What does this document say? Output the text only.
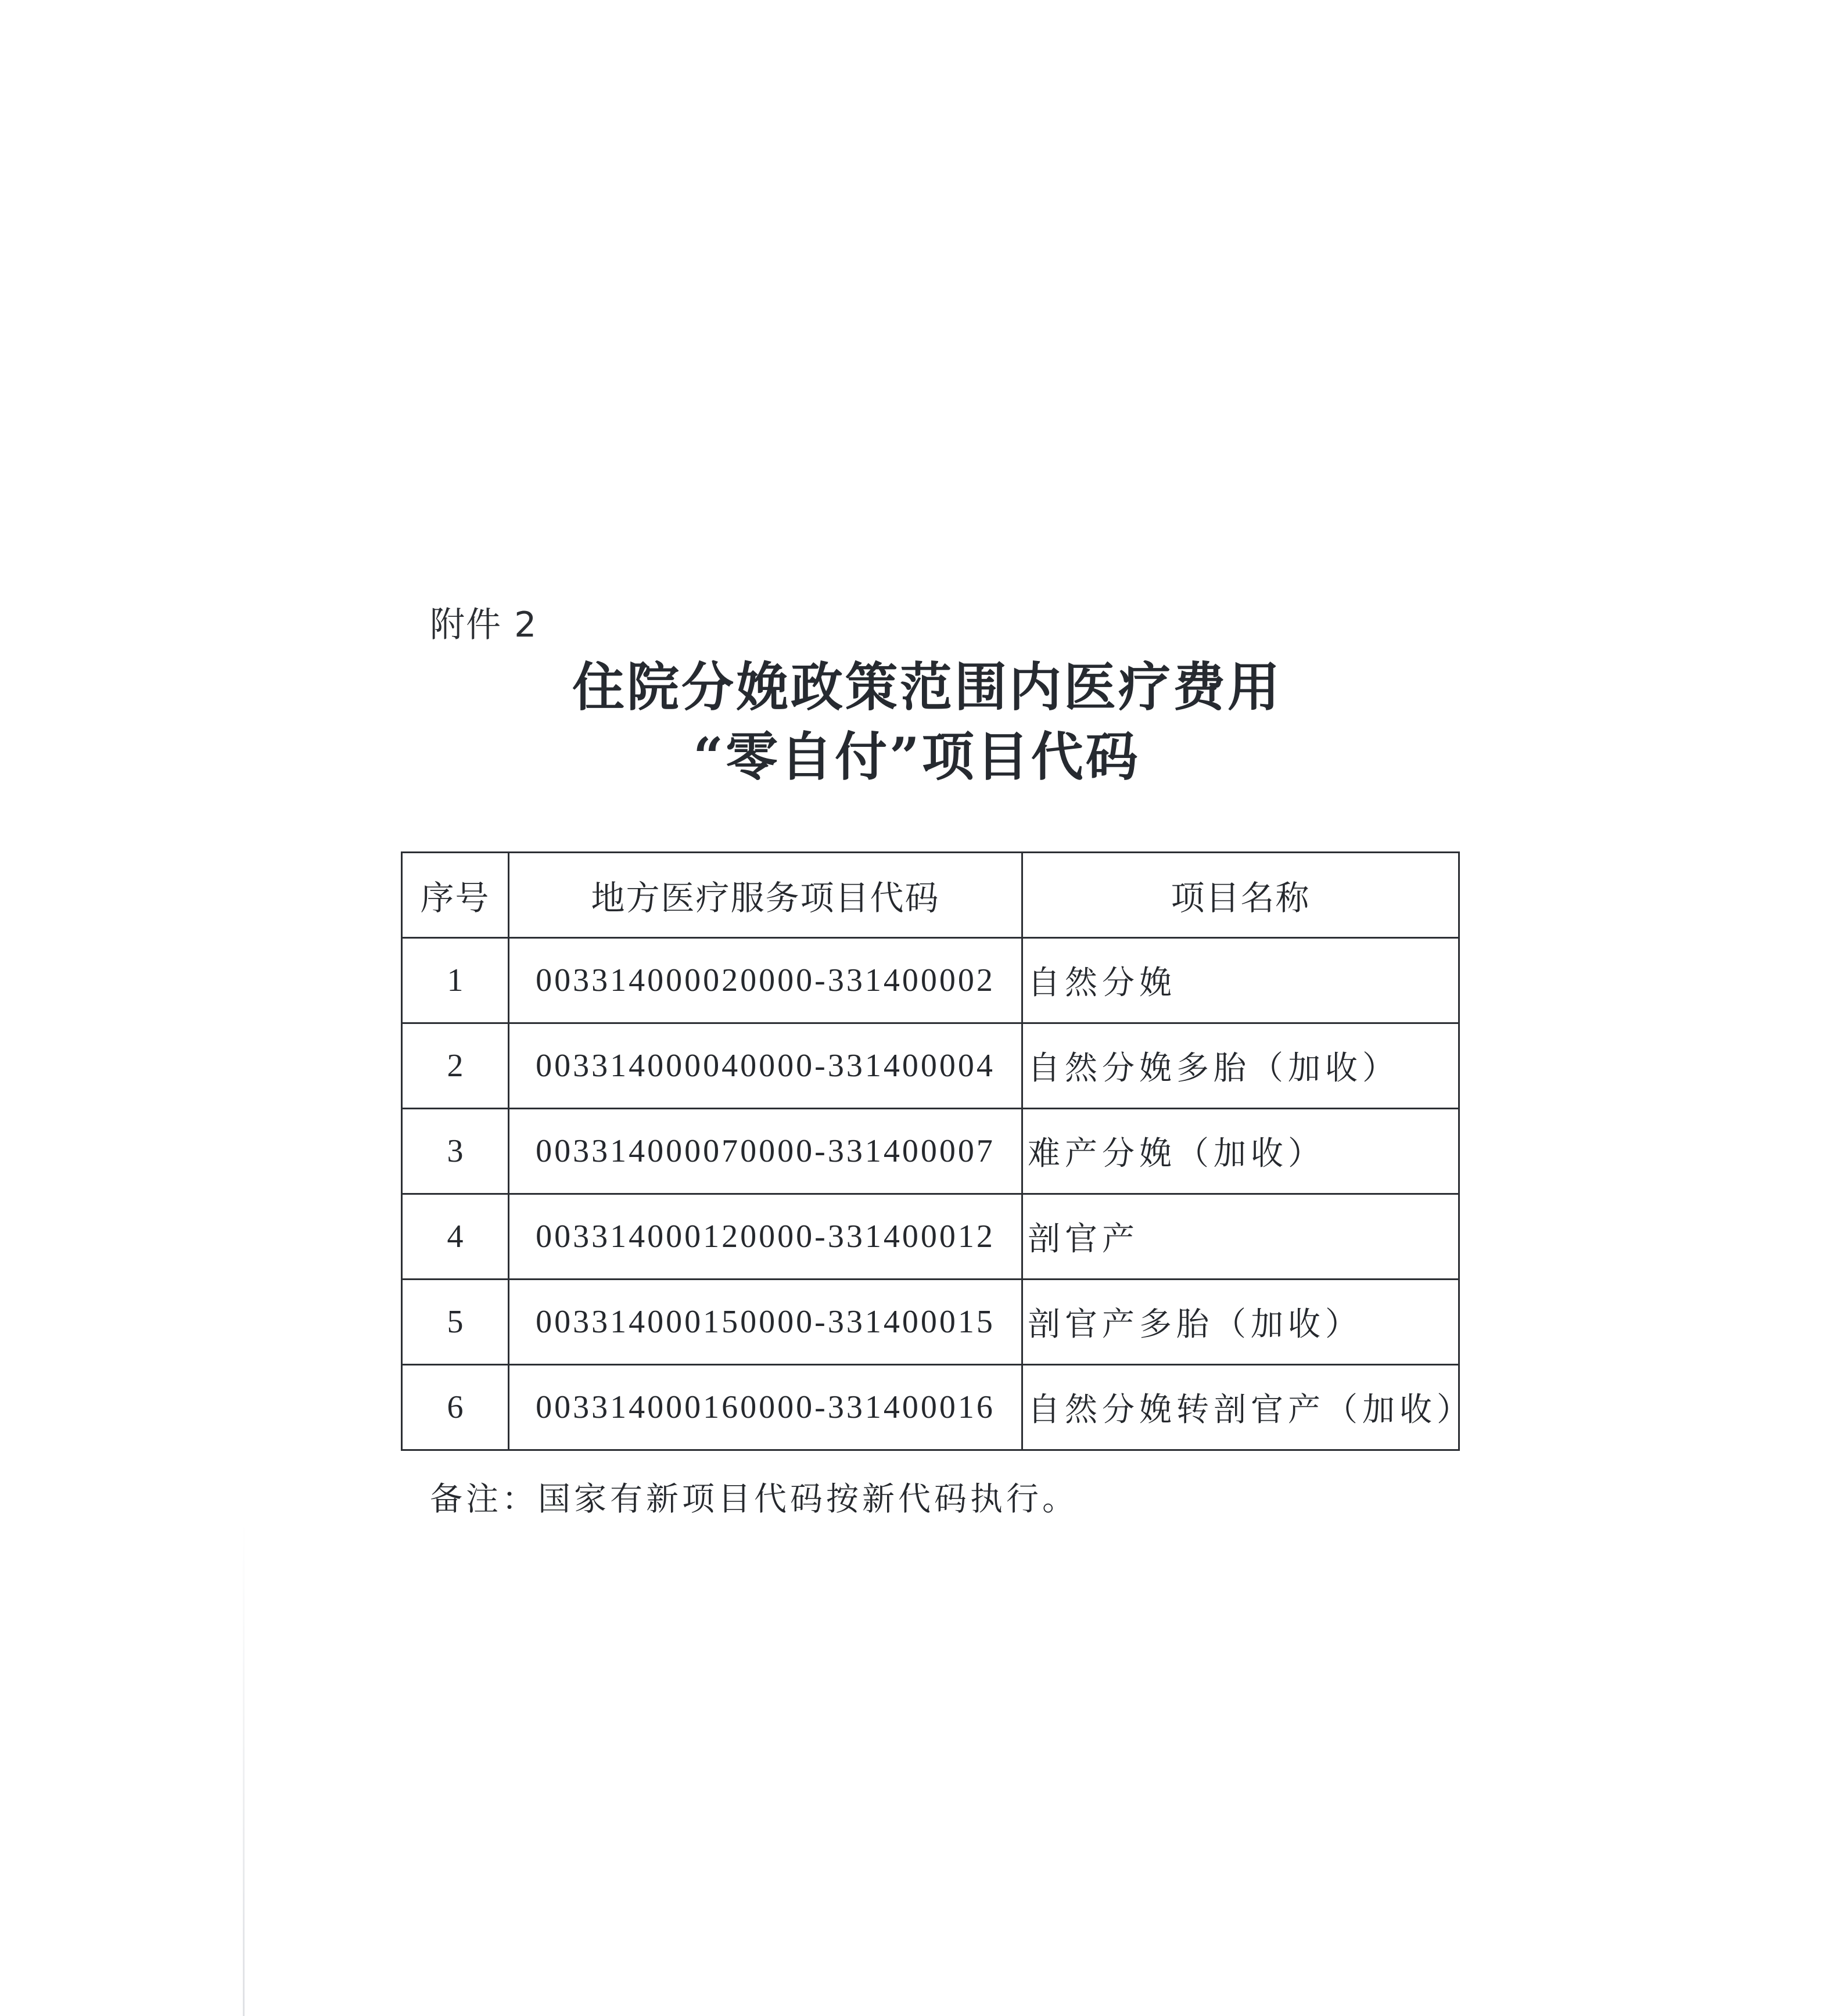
附件 2
住院分娩政策范围内医疗费用
“零自付”项目代码
序号	地方医疗服务项目代码	项目名称
1	003314000020000-331400002	自然分娩
2	003314000040000-331400004	自然分娩多胎（加收）
3	003314000070000-331400007	难产分娩（加收）
4	003314000120000-331400012	剖官产
5	003314000150000-331400015	剖官产多胎（加收）
6	003314000160000-331400016	自然分娩转剖官产（加收）
备注：国家有新项目代码按新代码执行。
